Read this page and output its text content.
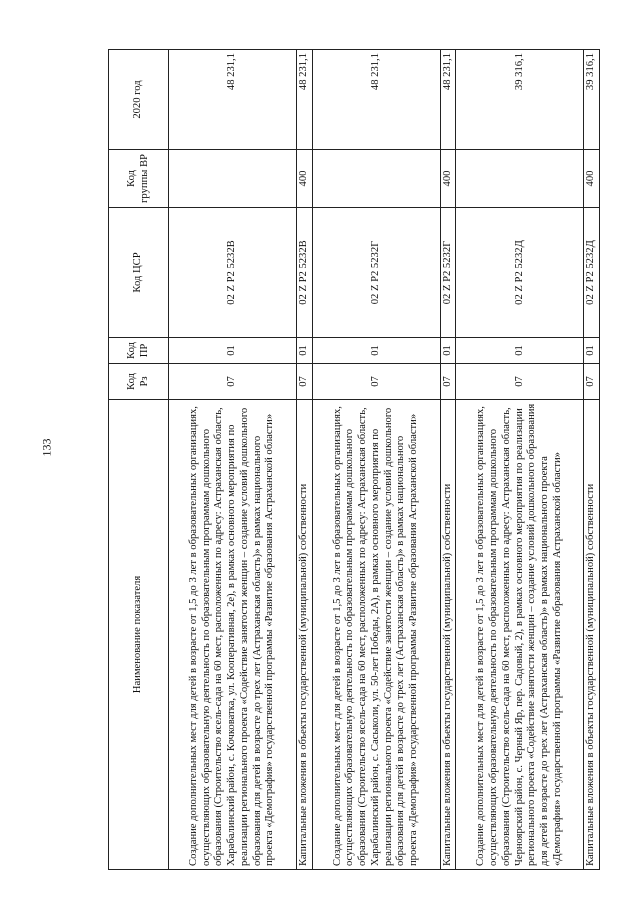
133
Наименование показателя	Код Рз	Код ПР	Код ЦСР	Код группы ВР	2020 год
Создание дополнительных мест для детей в возрасте от 1,5 до 3 лет в образовательных организациях, осуществляющих образовательную деятельность по образовательным программам дошкольного образования (Строительство ясель-сада на 60 мест, расположенных по адресу: Астраханская область, Харабалинский район, с. Кочковатка, ул. Кооперативная, 2е), в рамках основного мероприятия по реализации регионального проекта «Содействие занятости женщин – создание условий дошкольного образования для детей в возрасте до трех лет (Астраханская область)» в рамках национального проекта «Демография» государственной программы «Развитие образования Астраханской области»	07	01	02 Z P2 5232В		48 231,1
Капитальные вложения в объекты государственной (муниципальной) собственности	07	01	02 Z P2 5232В	400	48 231,1
Создание дополнительных мест для детей в возрасте от 1,5 до 3 лет в образовательных организациях, осуществляющих образовательную деятельность по образовательным программам дошкольного образования (Строительство ясель-сада на 60 мест, расположенных по адресу: Астраханская область, Харабалинский район, с. Сасыколи, ул. 50-лет Победы, 2А), в рамках основного мероприятия по реализации регионального проекта «Содействие занятости женщин – создание условий дошкольного образования для детей в возрасте до трех лет (Астраханская область)» в рамках национального проекта «Демография» государственной программы «Развитие образования Астраханской области»	07	01	02 Z P2 5232Г		48 231,1
Капитальные вложения в объекты государственной (муниципальной) собственности	07	01	02 Z P2 5232Г	400	48 231,1
Создание дополнительных мест для детей в возрасте от 1,5 до 3 лет в образовательных организациях, осуществляющих образовательную деятельность по образовательным программам дошкольного образования (Строительство ясель-сада на 60 мест, расположенных по адресу: Астраханская область, Черноярский район, с. Черный Яр, пер. Садовый, 2), в рамках основного мероприятия по реализации регионального проекта «Содействие занятости женщин – создание условий дошкольного образования для детей в возрасте до трех лет (Астраханская область)» в рамках национального проекта «Демография» государственной программы «Развитие образования Астраханской области»	07	01	02 Z P2 5232Д		39 316,1
Капитальные вложения в объекты государственной (муниципальной) собственности	07	01	02 Z P2 5232Д	400	39 316,1
